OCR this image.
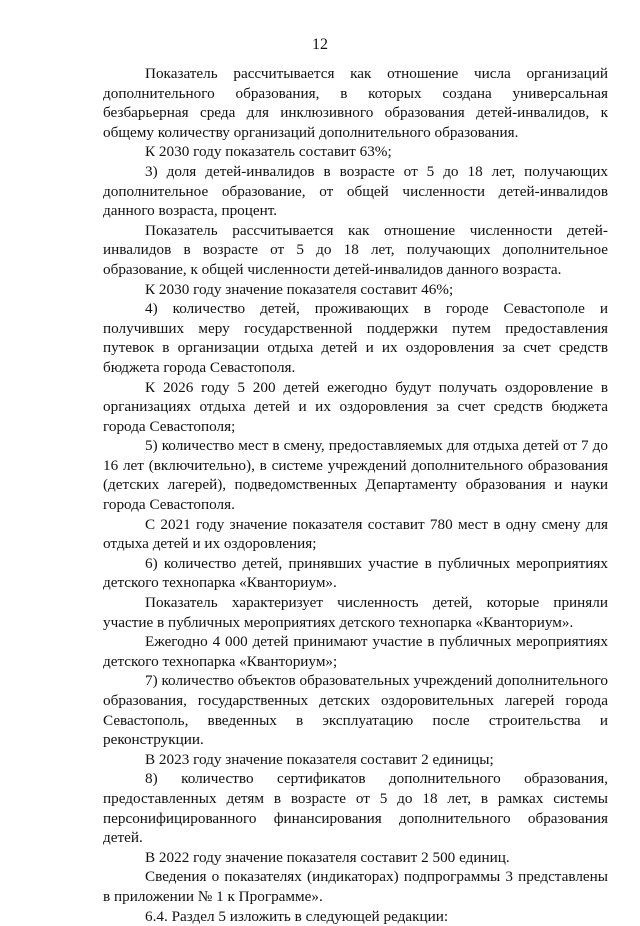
12

Показатель рассчитывается как отношение числа организаций дополнительного образования, в которых создана универсальная безбарьерная среда для инклюзивного образования детей-инвалидов, к общему количеству организаций дополнительного образования.

К 2030 году показатель составит 63%;

3) доля детей-инвалидов в возрасте от 5 до 18 лет, получающих дополнительное образование, от общей численности детей-инвалидов данного возраста, процент.

Показатель рассчитывается как отношение численности детей-инвалидов в возрасте от 5 до 18 лет, получающих дополнительное образование, к общей численности детей-инвалидов данного возраста.

К 2030 году значение показателя составит 46%;

4) количество детей, проживающих в городе Севастополе и получивших меру государственной поддержки путем предоставления путевок в организации отдыха детей и их оздоровления за счет средств бюджета города Севастополя.

К 2026 году 5 200 детей ежегодно будут получать оздоровление в организациях отдыха детей и их оздоровления за счет средств бюджета города Севастополя;

5) количество мест в смену, предоставляемых для отдыха детей от 7 до 16 лет (включительно), в системе учреждений дополнительного образования (детских лагерей), подведомственных Департаменту образования и науки города Севастополя.

С 2021 году значение показателя составит 780 мест в одну смену для отдыха детей и их оздоровления;

6) количество детей, принявших участие в публичных мероприятиях детского технопарка «Кванториум».

Показатель характеризует численность детей, которые приняли участие в публичных мероприятиях детского технопарка «Кванториум».

Ежегодно 4 000 детей принимают участие в публичных мероприятиях детского технопарка «Кванториум»;

7) количество объектов образовательных учреждений дополнительного образования, государственных детских оздоровительных лагерей города Севастополь, введенных в эксплуатацию после строительства и реконструкции.

В 2023 году значение показателя составит 2 единицы;

8) количество сертификатов дополнительного образования, предоставленных детям в возрасте от 5 до 18 лет, в рамках системы персонифицированного финансирования дополнительного образования детей.

В 2022 году значение показателя составит 2 500 единиц.

Сведения о показателях (индикаторах) подпрограммы 3 представлены в приложении № 1 к Программе».

6.4. Раздел 5 изложить в следующей редакции:
